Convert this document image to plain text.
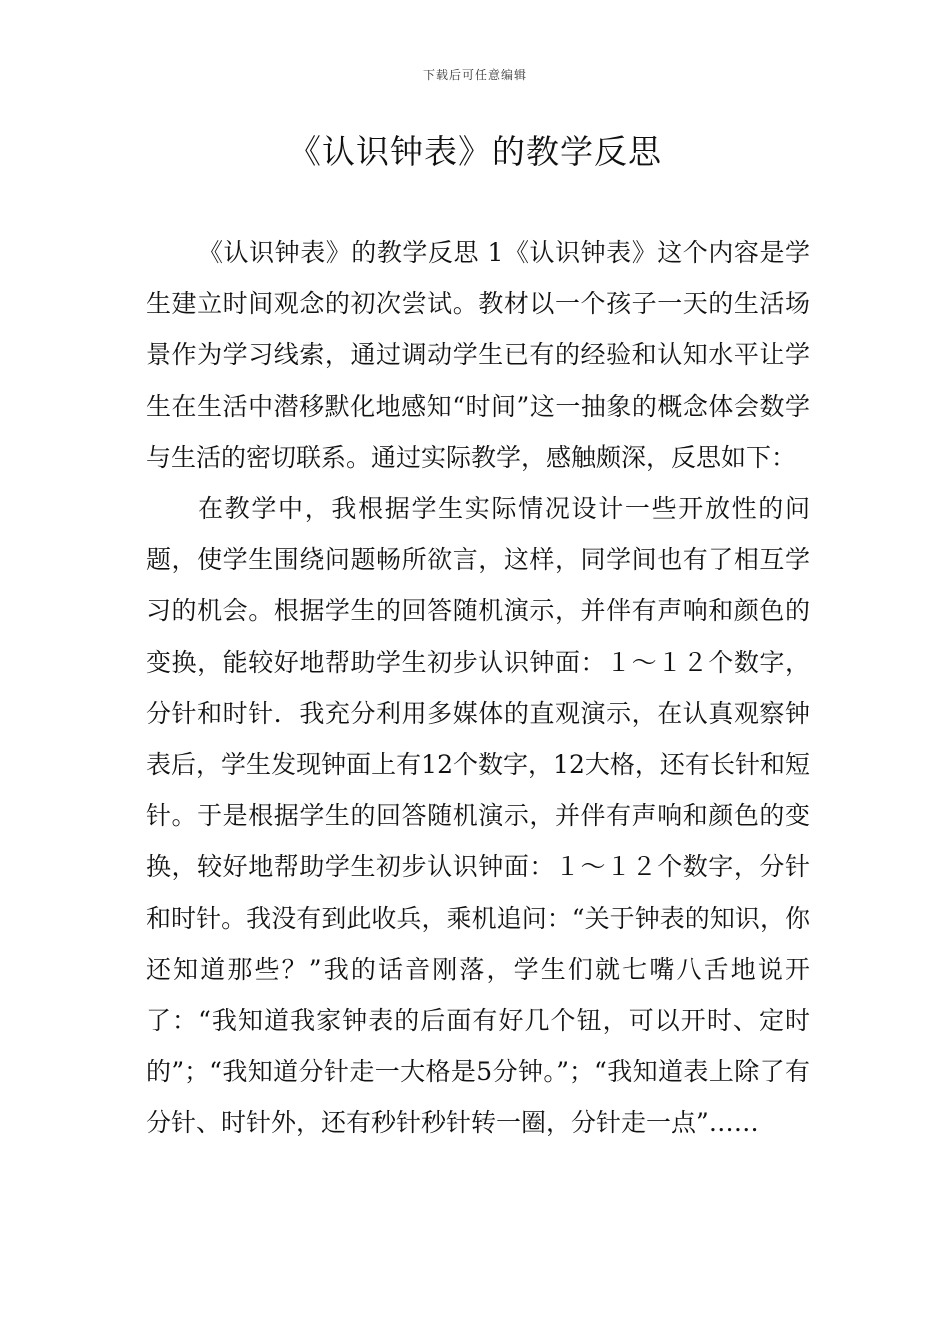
下载后可任意编辑
《认识钟表》的教学反思

《认识钟表》的教学反思 1《认识钟表》这个内容是学生建立时间观念的初次尝试。教材以一个孩子一天的生活场景作为学习线索，通过调动学生已有的经验和认知水平让学生在生活中潜移默化地感知“时间”这一抽象的概念体会数学与生活的密切联系。通过实际教学，感触颇深，反思如下：

在教学中，我根据学生实际情况设计一些开放性的问题，使学生围绕问题畅所欲言，这样，同学间也有了相互学习的机会。根据学生的回答随机演示，并伴有声响和颜色的变换，能较好地帮助学生初步认识钟面：１～１２个数字，分针和时针．我充分利用多媒体的直观演示，在认真观察钟表后，学生发现钟面上有12个数字，12大格，还有长针和短针。于是根据学生的回答随机演示，并伴有声响和颜色的变换，较好地帮助学生初步认识钟面：１～１２个数字，分针和时针。我没有到此收兵，乘机追问：“关于钟表的知识，你还知道那些？”我的话音刚落，学生们就七嘴八舌地说开了：“我知道我家钟表的后面有好几个钮，可以开时、定时的”；“我知道分针走一大格是5分钟。”；“我知道表上除了有分针、时针外，还有秒针秒针转一圈，分针走一点”……
